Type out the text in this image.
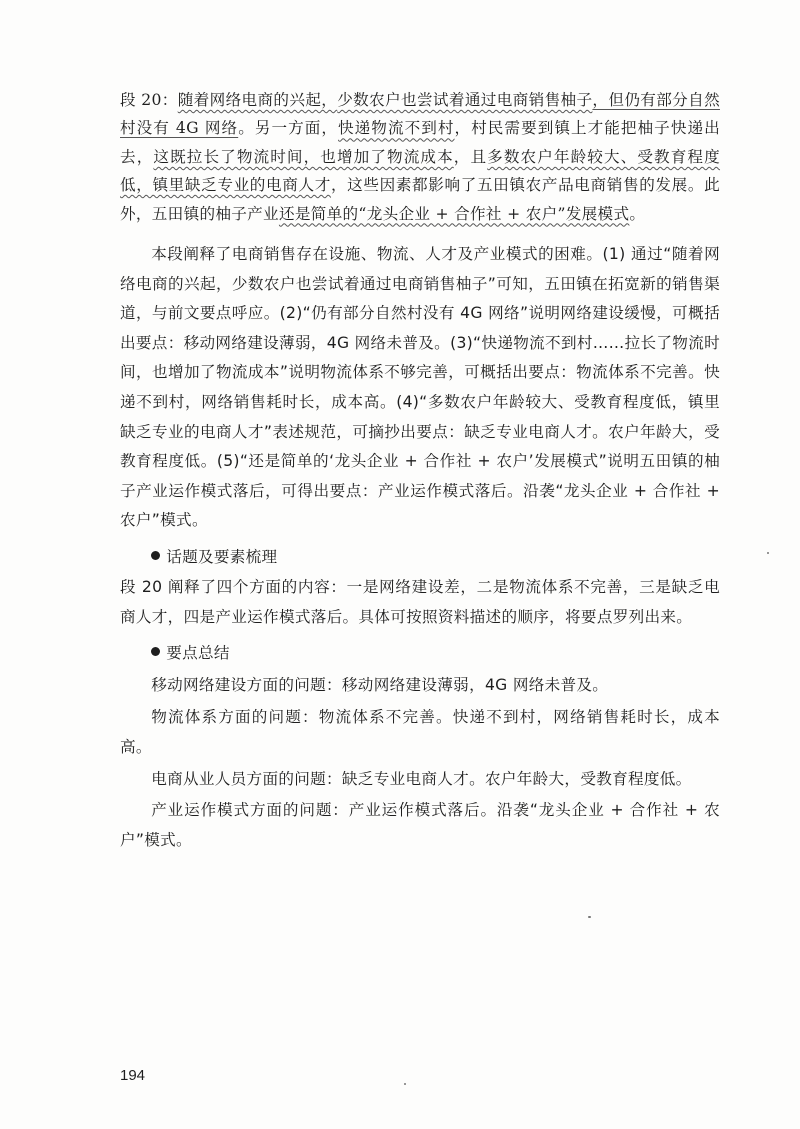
段 20：随着网络电商的兴起，少数农户也尝试着通过电商销售柚子，但仍有部分自然村没有 4G 网络。另一方面，快递物流不到村，村民需要到镇上才能把柚子快递出去，这既拉长了物流时间，也增加了物流成本，且多数农户年龄较大、受教育程度低，镇里缺乏专业的电商人才，这些因素都影响了五田镇农产品电商销售的发展。此外，五田镇的柚子产业还是简单的“龙头企业 + 合作社 + 农户”发展模式。

本段阐释了电商销售存在设施、物流、人才及产业模式的困难。(1) 通过“随着网络电商的兴起，少数农户也尝试着通过电商销售柚子”可知，五田镇在拓宽新的销售渠道，与前文要点呼应。(2)“仍有部分自然村没有 4G 网络”说明网络建设缓慢，可概括出要点：移动网络建设薄弱，4G 网络未普及。(3)“快递物流不到村……拉长了物流时间，也增加了物流成本”说明物流体系不够完善，可概括出要点：物流体系不完善。快递不到村，网络销售耗时长，成本高。(4)“多数农户年龄较大、受教育程度低，镇里缺乏专业的电商人才”表述规范，可摘抄出要点：缺乏专业电商人才。农户年龄大，受教育程度低。(5)“还是简单的‘龙头企业 + 合作社 + 农户’发展模式”说明五田镇的柚子产业运作模式落后，可得出要点：产业运作模式落后。沿袭“龙头企业 + 合作社 + 农户”模式。

话题及要素梳理

段 20 阐释了四个方面的内容：一是网络建设差，二是物流体系不完善，三是缺乏电商人才，四是产业运作模式落后。具体可按照资料描述的顺序，将要点罗列出来。

要点总结

移动网络建设方面的问题：移动网络建设薄弱，4G 网络未普及。

物流体系方面的问题：物流体系不完善。快递不到村，网络销售耗时长，成本高。

电商从业人员方面的问题：缺乏专业电商人才。农户年龄大，受教育程度低。

产业运作模式方面的问题：产业运作模式落后。沿袭“龙头企业 + 合作社 + 农户”模式。

194
